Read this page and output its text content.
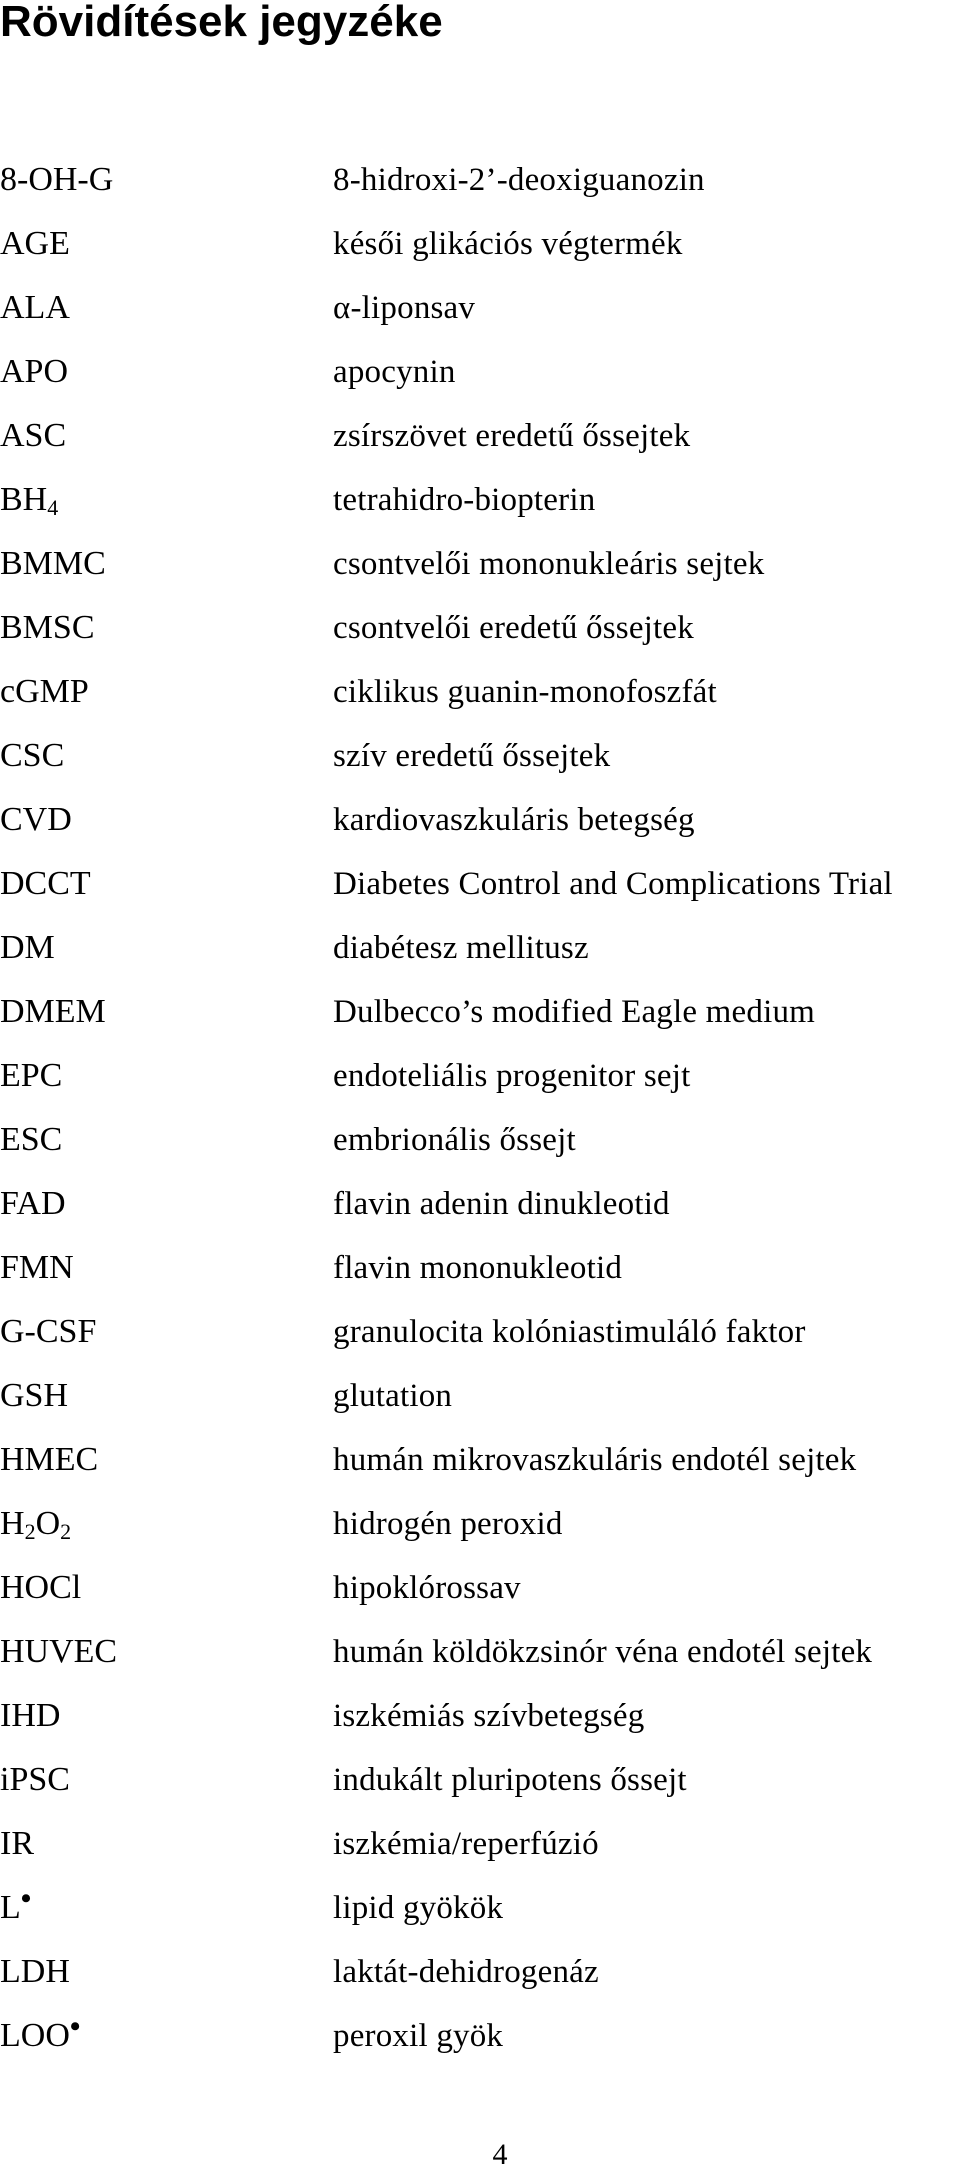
Rövidítések jegyzéke
8-OH-G	8-hidroxi-2’-deoxiguanozin
AGE	késői glikációs végtermék
ALA	α-liponsav
APO	apocynin
ASC	zsírszövet eredetű őssejtek
$BH_4$	tetrahidro-biopterin
BMMC	csontvelői mononukleáris sejtek
BMSC	csontvelői eredetű őssejtek
cGMP	ciklikus guanin-monofoszfát
CSC	szív eredetű őssejtek
CVD	kardiovaszkuláris betegség
DCCT	Diabetes Control and Complications Trial
DM	diabétesz mellitusz
DMEM	Dulbecco’s modified Eagle medium
EPC	endoteliális progenitor sejt
ESC	embrionális őssejt
FAD	flavin adenin dinukleotid
FMN	flavin mononukleotid
G-CSF	granulocita kolóniastimuláló faktor
GSH	glutation
HMEC	humán mikrovaszkuláris endotél sejtek
$H_2O_2$	hidrogén peroxid
HOCl	hipoklórossav
HUVEC	humán köldökzsinór véna endotél sejtek
IHD	iszkémiás szívbetegség
iPSC	indukált pluripotens őssejt
IR	iszkémia/reperfúzió
L•	lipid gyökök
LDH	laktát-dehidrogenáz
LOO•	peroxil gyök
4
